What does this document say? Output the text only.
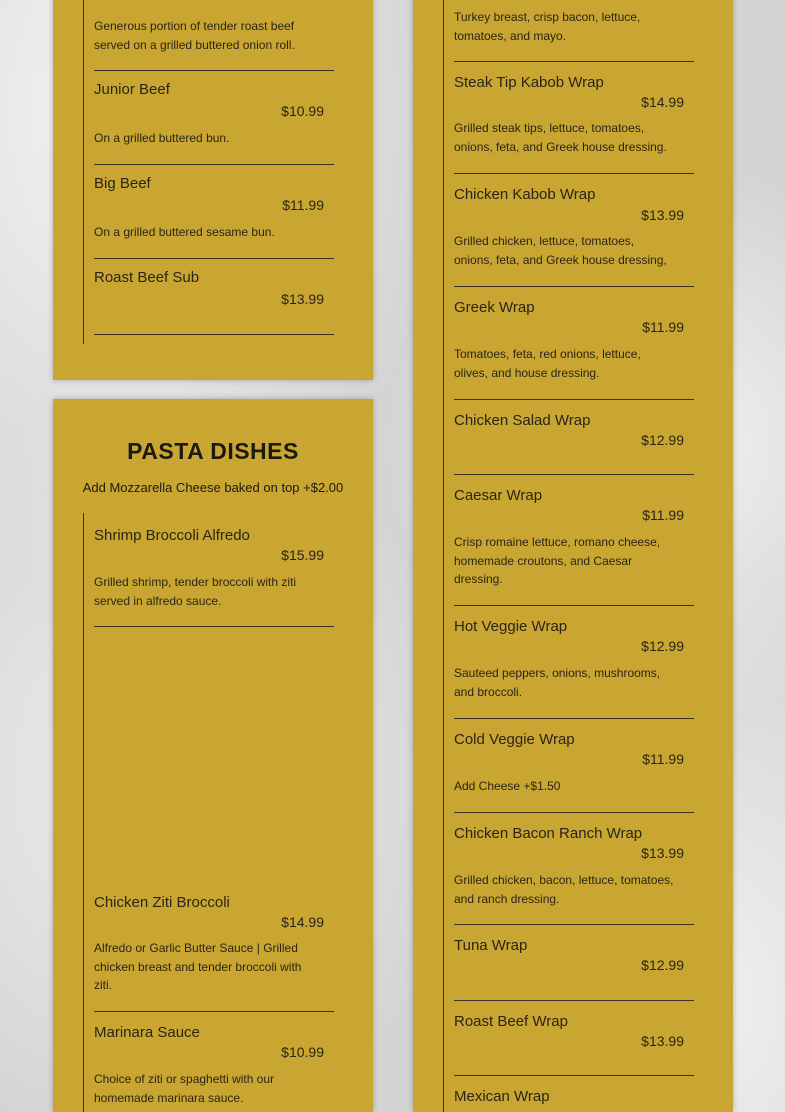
Generous portion of tender roast beef served on a grilled buttered onion roll.
Junior Beef
$10.99
On a grilled buttered bun.
Big Beef
$11.99
On a grilled buttered sesame bun.
Roast Beef Sub
$13.99
PASTA DISHES
Add Mozzarella Cheese baked on top +$2.00
Shrimp Broccoli Alfredo
$15.99
Grilled shrimp, tender broccoli with ziti served in alfredo sauce.
Chicken Ziti Broccoli
$14.99
Alfredo or Garlic Butter Sauce | Grilled chicken breast and tender broccoli with ziti.
Marinara Sauce
$10.99
Choice of ziti or spaghetti with our homemade marinara sauce.
Turkey breast, crisp bacon, lettuce, tomatoes, and mayo.
Steak Tip Kabob Wrap
$14.99
Grilled steak tips, lettuce, tomatoes, onions, feta, and Greek house dressing.
Chicken Kabob Wrap
$13.99
Grilled chicken, lettuce, tomatoes, onions, feta, and Greek house dressing,
Greek Wrap
$11.99
Tomatoes, feta, red onions, lettuce, olives, and house dressing.
Chicken Salad Wrap
$12.99
Caesar Wrap
$11.99
Crisp romaine lettuce, romano cheese, homemade croutons, and Caesar dressing.
Hot Veggie Wrap
$12.99
Sauteed peppers, onions, mushrooms, and broccoli.
Cold Veggie Wrap
$11.99
Add Cheese +$1.50
Chicken Bacon Ranch Wrap
$13.99
Grilled chicken, bacon, lettuce, tomatoes, and ranch dressing.
Tuna Wrap
$12.99
Roast Beef Wrap
$13.99
Mexican Wrap
